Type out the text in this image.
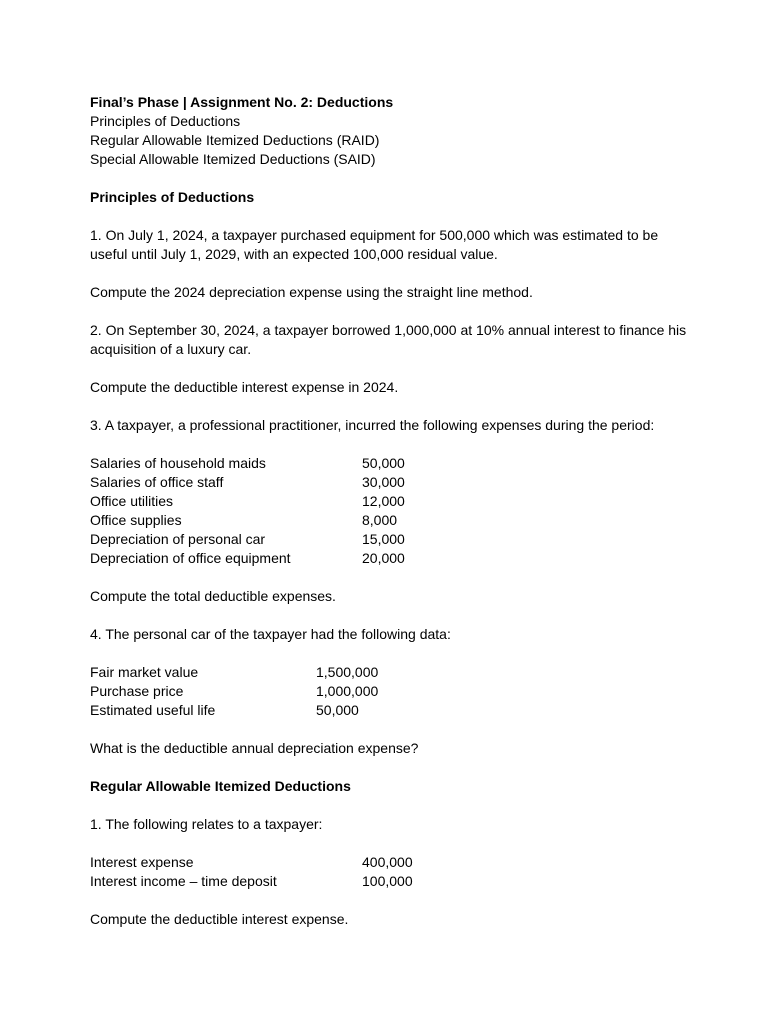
Final’s Phase | Assignment No. 2: Deductions

Principles of Deductions

Regular Allowable Itemized Deductions (RAID)

Special Allowable Itemized Deductions (SAID)

Principles of Deductions

1. On July 1, 2024, a taxpayer purchased equipment for 500,000 which was estimated to be useful until July 1, 2029, with an expected 100,000 residual value.

Compute the 2024 depreciation expense using the straight line method.

2. On September 30, 2024, a taxpayer borrowed 1,000,000 at 10% annual interest to finance his acquisition of a luxury car.

Compute the deductible interest expense in 2024.

3. A taxpayer, a professional practitioner, incurred the following expenses during the period:

Salaries of household maids	50,000
Salaries of office staff	30,000
Office utilities	12,000
Office supplies	8,000
Depreciation of personal car	15,000
Depreciation of office equipment	20,000

Compute the total deductible expenses.

4. The personal car of the taxpayer had the following data:

Fair market value	1,500,000
Purchase price	1,000,000
Estimated useful life	50,000

What is the deductible annual depreciation expense?

Regular Allowable Itemized Deductions

1. The following relates to a taxpayer:

Interest expense	400,000
Interest income – time deposit	100,000

Compute the deductible interest expense.
